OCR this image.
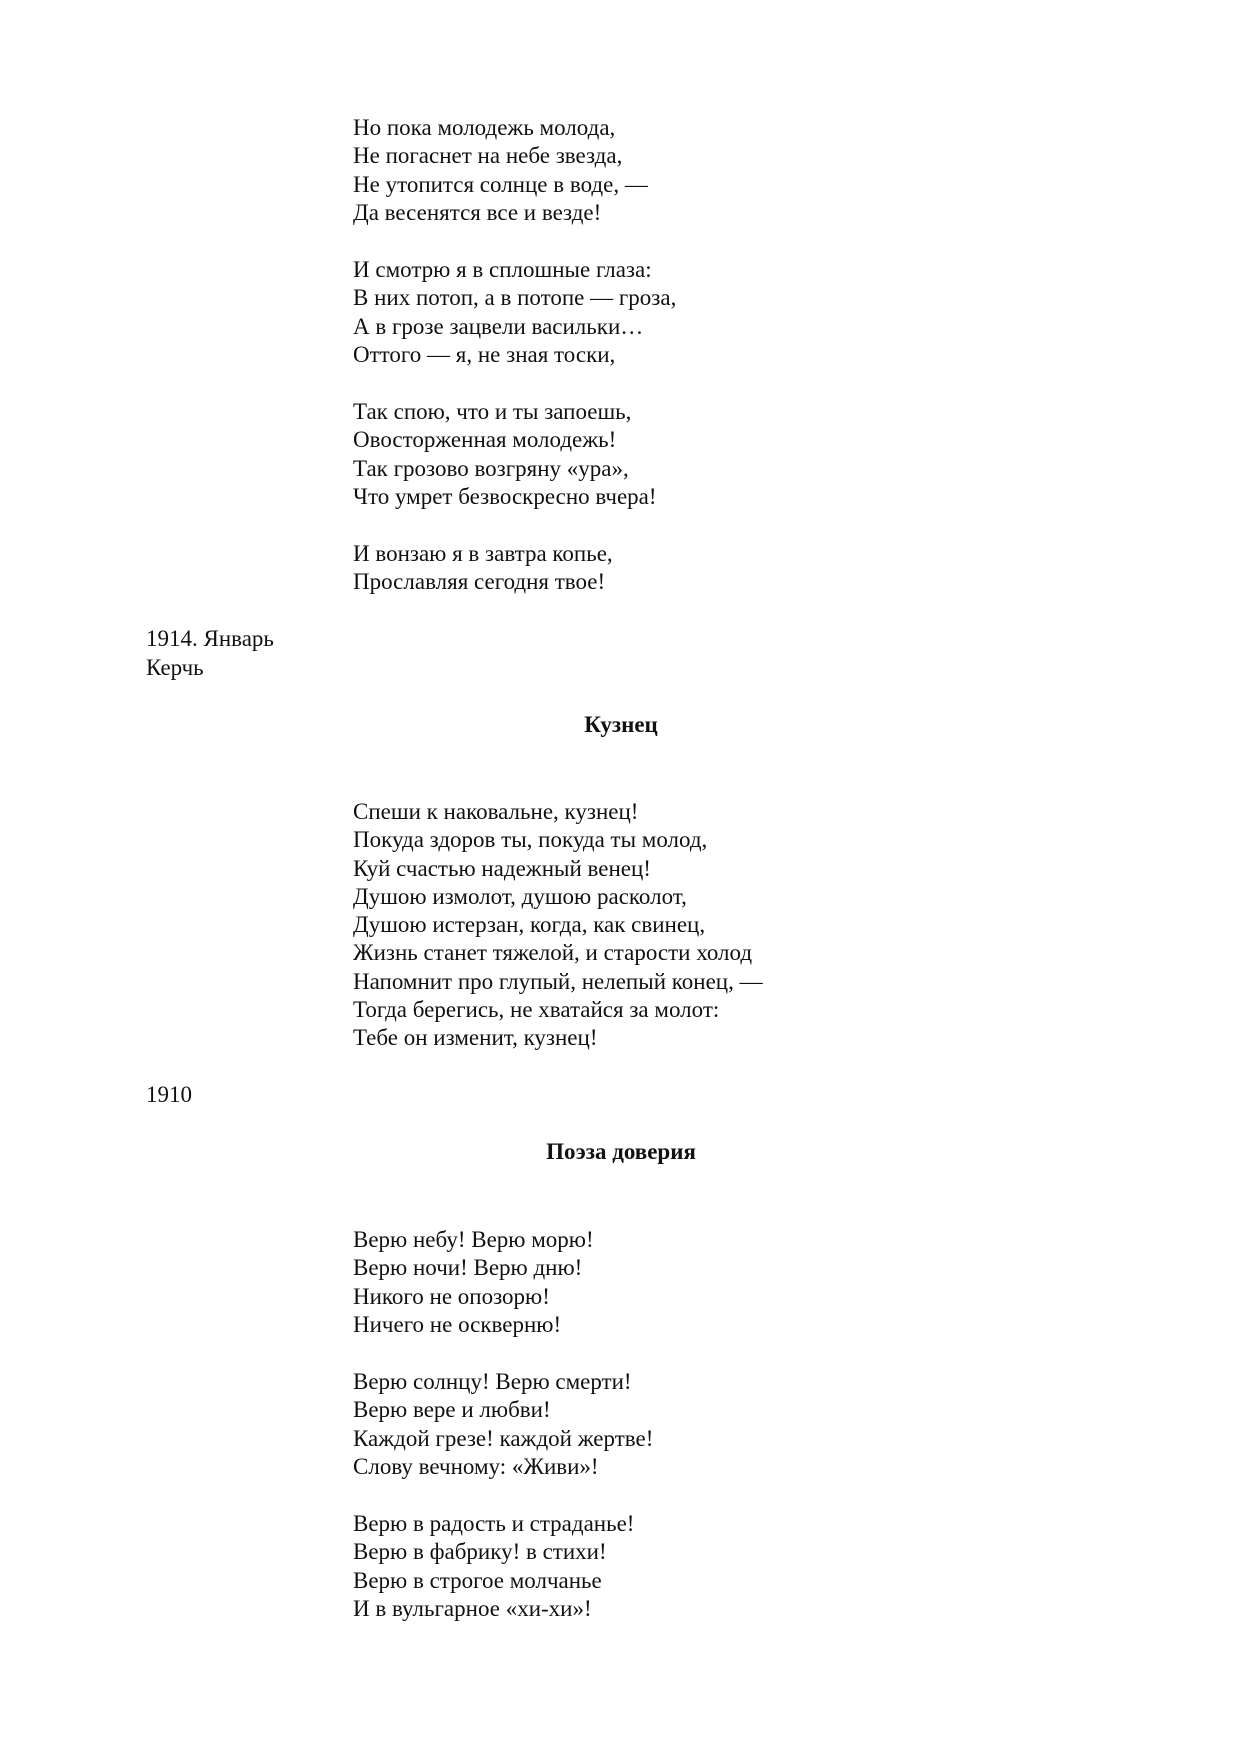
Но пока молодежь молода,
Не погаснет на небе звезда,
Не утопится солнце в воде, —
Да весенятся все и везде!
И смотрю я в сплошные глаза:
В них потоп, а в потопе — гроза,
А в грозе зацвели васильки…
Оттого — я, не зная тоски,
Так спою, что и ты запоешь,
Овосторженная молодежь!
Так грозово возгряну «ура»,
Что умрет безвоскресно вчера!
И вонзаю я в завтра копье,
Прославляя сегодня твое!
1914. Январь
Керчь
Кузнец
Спеши к наковальне, кузнец!
Покуда здоров ты, покуда ты молод,
Куй счастью надежный венец!
Душою измолот, душою расколот,
Душою истерзан, когда, как свинец,
Жизнь станет тяжелой, и старости холод
Напомнит про глупый, нелепый конец, —
Тогда берегись, не хватайся за молот:
Тебе он изменит, кузнец!
1910
Поэза доверия
Верю небу! Верю морю!
Верю ночи! Верю дню!
Никого не опозорю!
Ничего не оскверню!
Верю солнцу! Верю смерти!
Верю вере и любви!
Каждой грезе! каждой жертве!
Слову вечному: «Живи»!
Верю в радость и страданье!
Верю в фабрику! в стихи!
Верю в строгое молчанье
И в вульгарное «хи-хи»!
